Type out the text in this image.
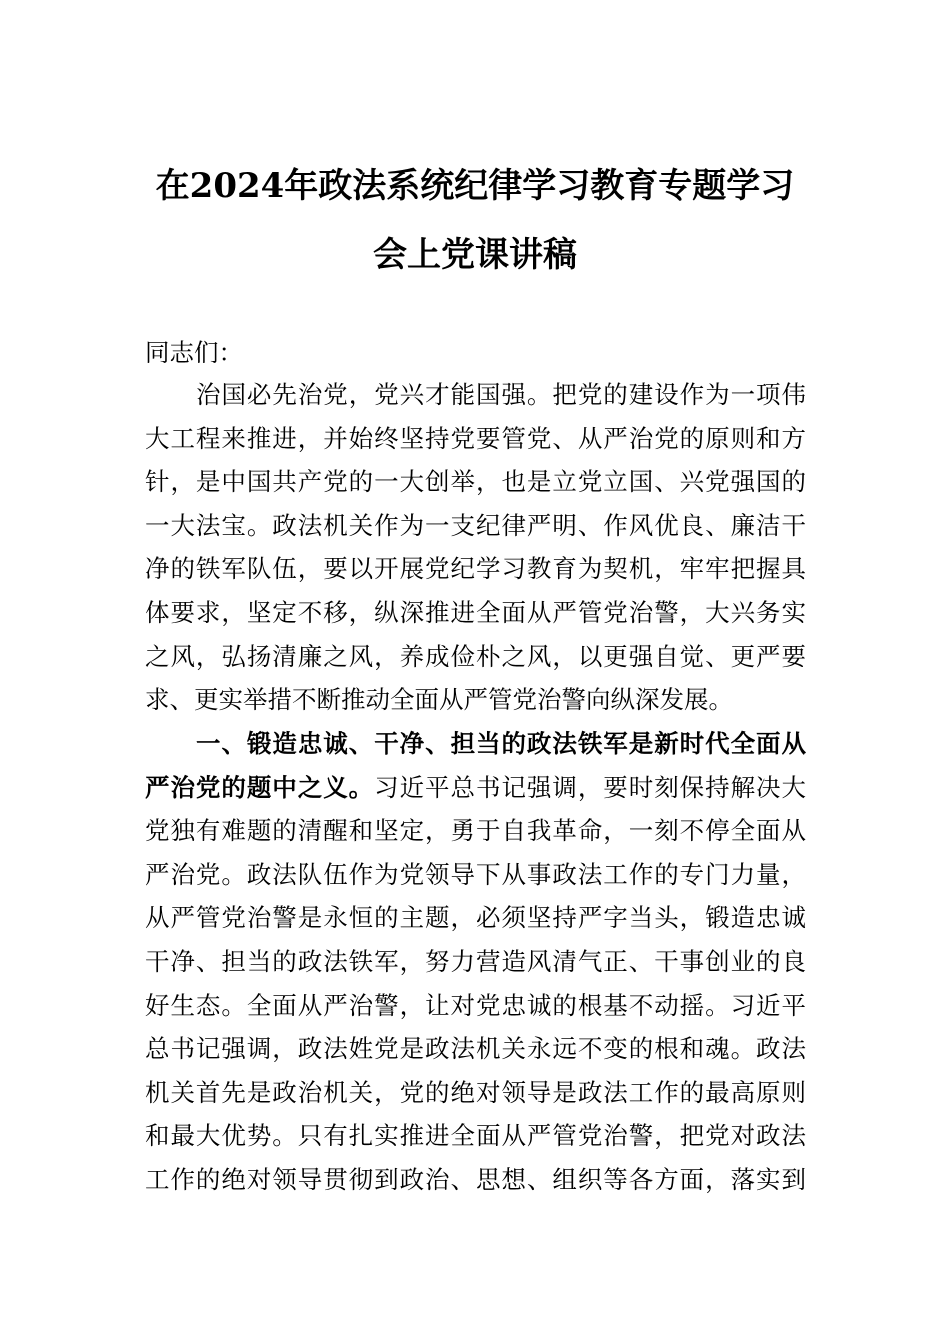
在2024年政法系统纪律学习教育专题学习
会上党课讲稿
同志们：
治国必先治党，党兴才能国强。把党的建设作为一项伟
大工程来推进，并始终坚持党要管党、从严治党的原则和方
针，是中国共产党的一大创举，也是立党立国、兴党强国的
一大法宝。政法机关作为一支纪律严明、作风优良、廉洁干
净的铁军队伍，要以开展党纪学习教育为契机，牢牢把握具
体要求，坚定不移，纵深推进全面从严管党治警，大兴务实
之风，弘扬清廉之风，养成俭朴之风，以更强自觉、更严要
求、更实举措不断推动全面从严管党治警向纵深发展。
一、锻造忠诚、干净、担当的政法铁军是新时代全面从
严治党的题中之义。习近平总书记强调，要时刻保持解决大
党独有难题的清醒和坚定，勇于自我革命，一刻不停全面从
严治党。政法队伍作为党领导下从事政法工作的专门力量，
从严管党治警是永恒的主题，必须坚持严字当头，锻造忠诚
干净、担当的政法铁军，努力营造风清气正、干事创业的良
好生态。全面从严治警，让对党忠诚的根基不动摇。习近平
总书记强调，政法姓党是政法机关永远不变的根和魂。政法
机关首先是政治机关，党的绝对领导是政法工作的最高原则
和最大优势。只有扎实推进全面从严管党治警，把党对政法
工作的绝对领导贯彻到政治、思想、组织等各方面，落实到
